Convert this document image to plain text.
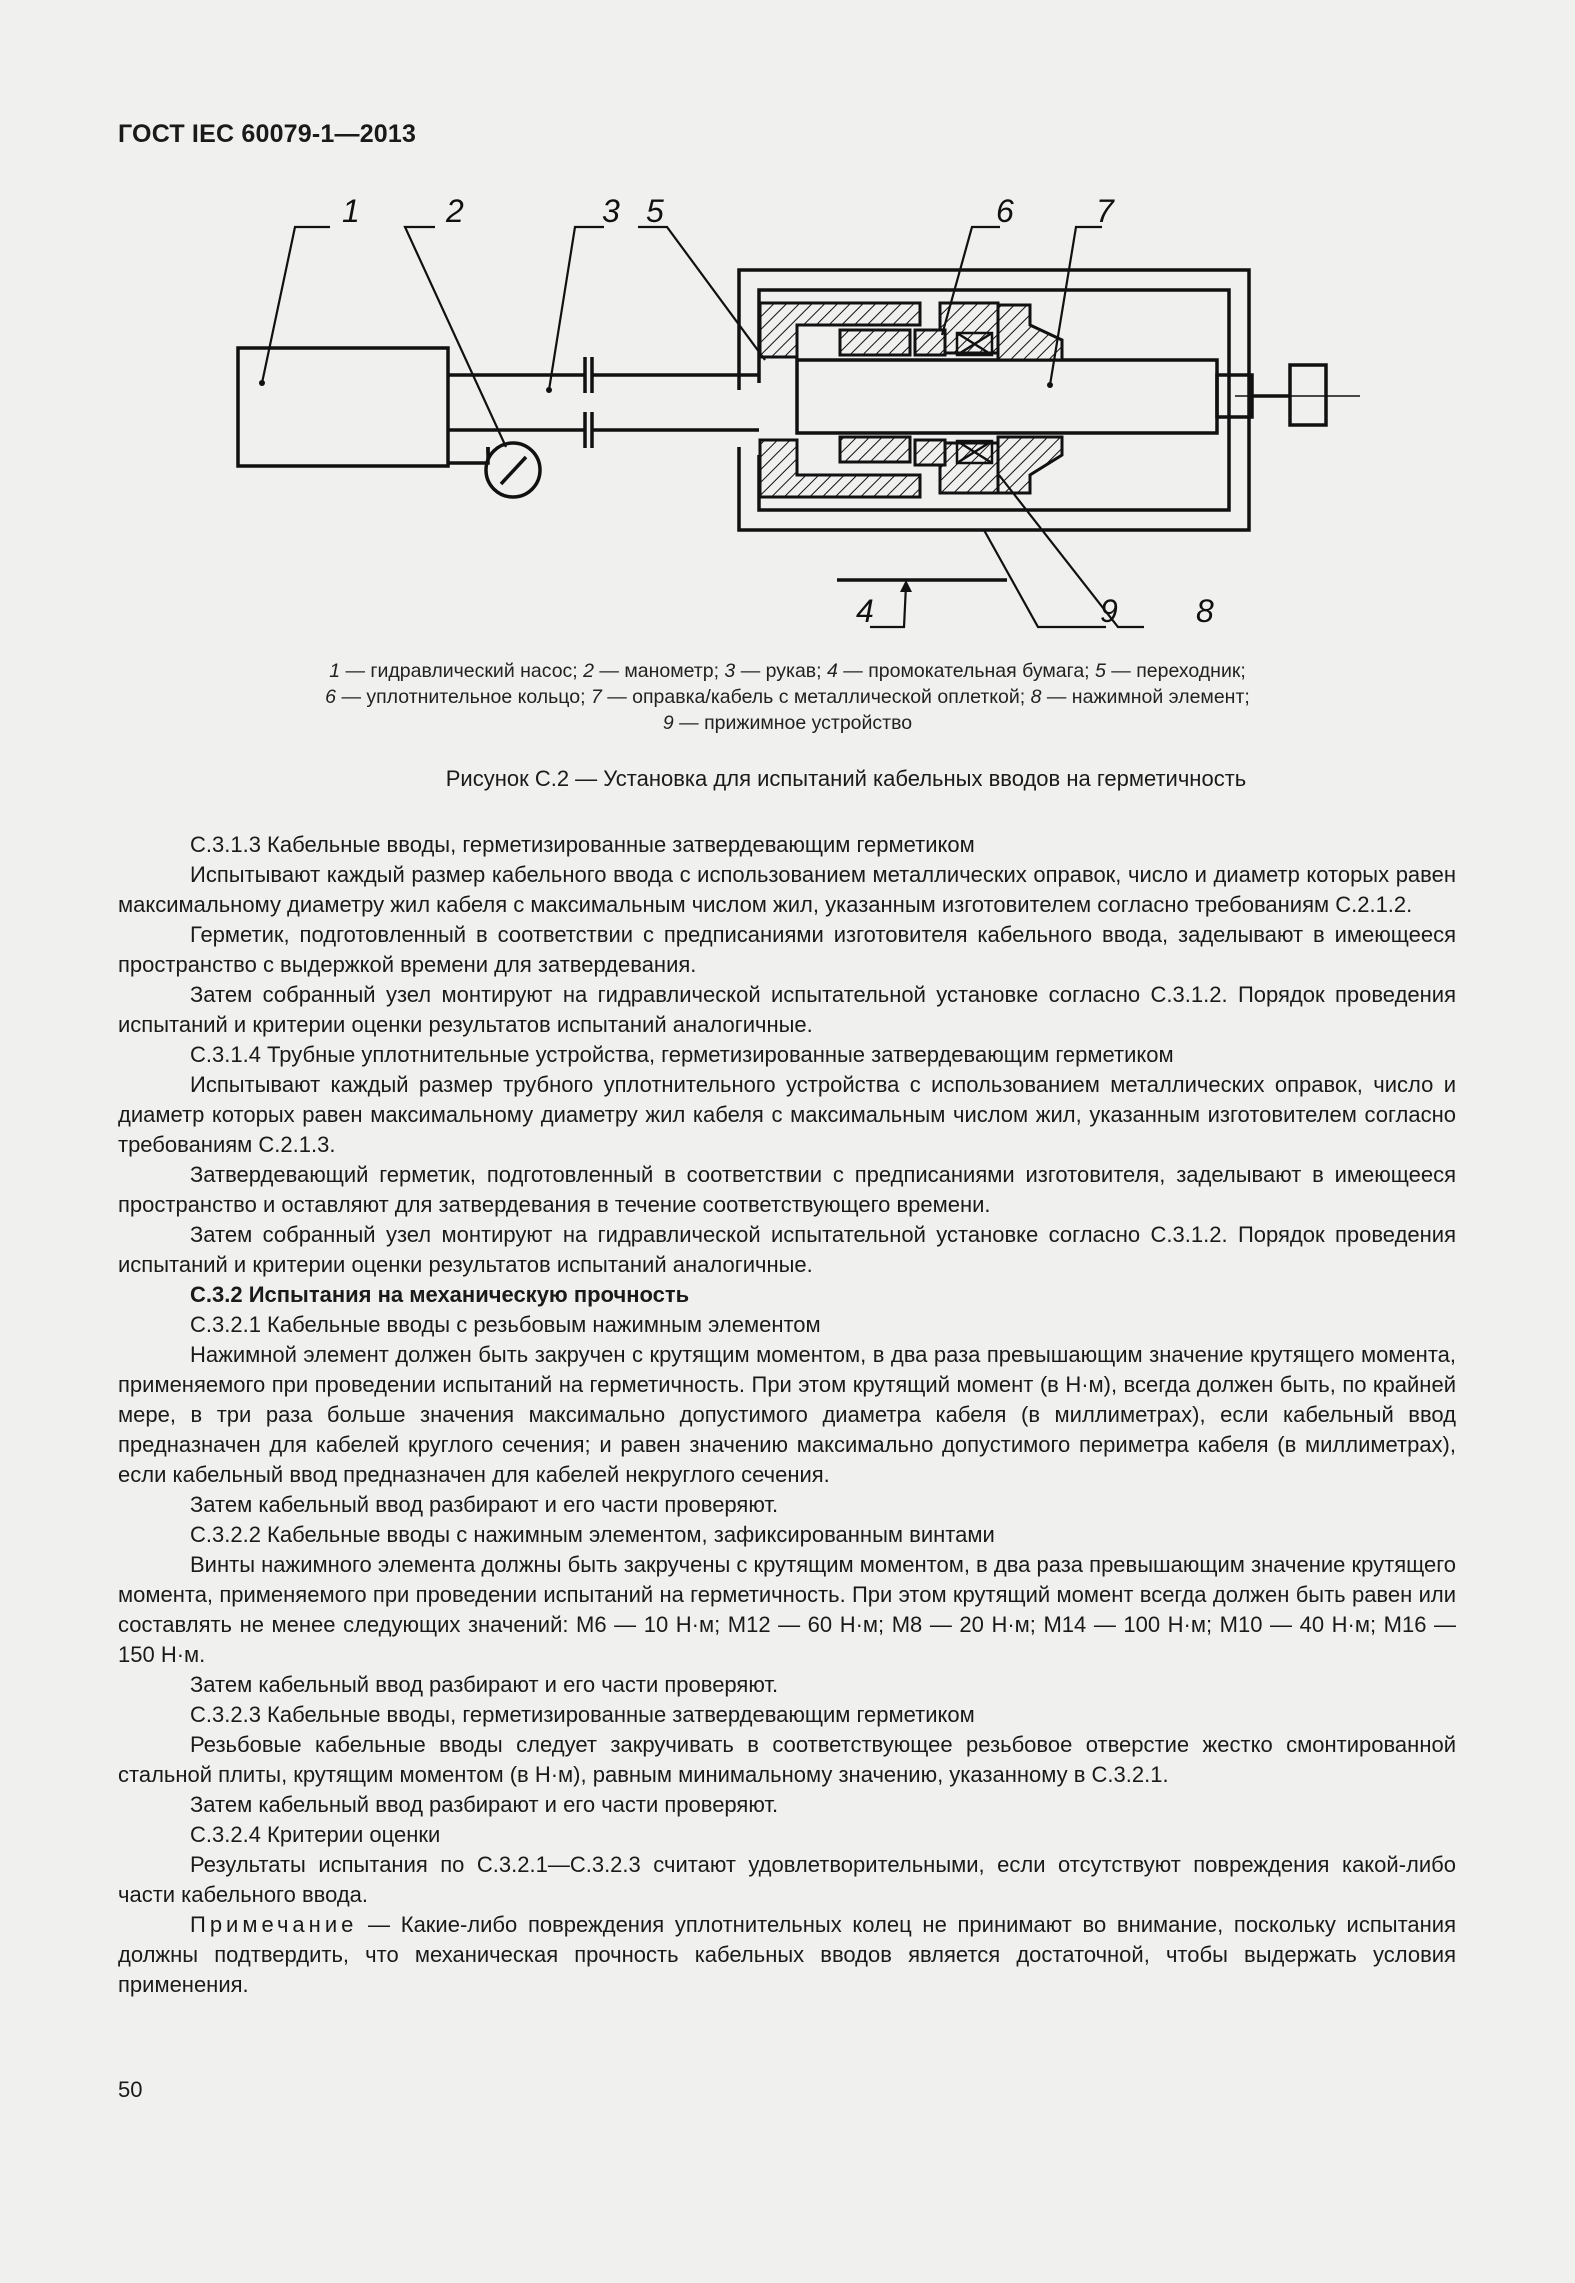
ГОСТ IEC 60079-1—2013
1	2	3 5	6	7
4	9 8
1 — гидравлический насос; 2 — манометр; 3 — рукав; 4 — промокательная бумага; 5 — переходник;
6 — уплотнительное кольцо; 7 — оправка/кабель с металлической оплеткой; 8 — нажимной элемент;
9 — прижимное устройство
Рисунок С.2 — Установка для испытаний кабельных вводов на герметичность

С.3.1.3 Кабельные вводы, герметизированные затвердевающим герметиком

Испытывают каждый размер кабельного ввода с использованием металлических оправок, число и диаметр которых равен максимальному диаметру жил кабеля с максимальным числом жил, указанным изготовителем согласно требованиям С.2.1.2.

Герметик, подготовленный в соответствии с предписаниями изготовителя кабельного ввода, заделывают в имеющееся пространство с выдержкой времени для затвердевания.

Затем собранный узел монтируют на гидравлической испытательной установке согласно С.3.1.2. Порядок проведения испытаний и критерии оценки результатов испытаний аналогичные.

С.3.1.4 Трубные уплотнительные устройства, герметизированные затвердевающим герметиком

Испытывают каждый размер трубного уплотнительного устройства с использованием металлических оправок, число и диаметр которых равен максимальному диаметру жил кабеля с максимальным числом жил, указанным изготовителем согласно требованиям С.2.1.3.

Затвердевающий герметик, подготовленный в соответствии с предписаниями изготовителя, заделывают в имеющееся пространство и оставляют для затвердевания в течение соответствующего времени.

Затем собранный узел монтируют на гидравлической испытательной установке согласно С.3.1.2. Порядок проведения испытаний и критерии оценки результатов испытаний аналогичные.

С.3.2 Испытания на механическую прочность

С.3.2.1 Кабельные вводы с резьбовым нажимным элементом

Нажимной элемент должен быть закручен с крутящим моментом, в два раза превышающим значение крутящего момента, применяемого при проведении испытаний на герметичность. При этом крутящий момент (в Н·м), всегда должен быть, по крайней мере, в три раза больше значения максимально допустимого диаметра кабеля (в миллиметрах), если кабельный ввод предназначен для кабелей круглого сечения; и равен значению максимально допустимого периметра кабеля (в миллиметрах), если кабельный ввод предназначен для кабелей некруглого сечения.

Затем кабельный ввод разбирают и его части проверяют.

С.3.2.2 Кабельные вводы с нажимным элементом, зафиксированным винтами

Винты нажимного элемента должны быть закручены с крутящим моментом, в два раза превышающим значение крутящего момента, применяемого при проведении испытаний на герметичность. При этом крутящий момент всегда должен быть равен или составлять не менее следующих значений: М6 — 10 Н·м; М12 — 60 Н·м; М8 — 20 Н·м; М14 — 100 Н·м; М10 — 40 Н·м; М16 — 150 Н·м.

Затем кабельный ввод разбирают и его части проверяют.

С.3.2.3 Кабельные вводы, герметизированные затвердевающим герметиком

Резьбовые кабельные вводы следует закручивать в соответствующее резьбовое отверстие жестко смонтированной стальной плиты, крутящим моментом (в Н·м), равным минимальному значению, указанному в С.3.2.1.

Затем кабельный ввод разбирают и его части проверяют.

С.3.2.4 Критерии оценки

Результаты испытания по С.3.2.1—С.3.2.3 считают удовлетворительными, если отсутствуют повреждения какой-либо части кабельного ввода.

Примечание — Какие-либо повреждения уплотнительных колец не принимают во внимание, поскольку испытания должны подтвердить, что механическая прочность кабельных вводов является достаточной, чтобы выдержать условия применения.

50
